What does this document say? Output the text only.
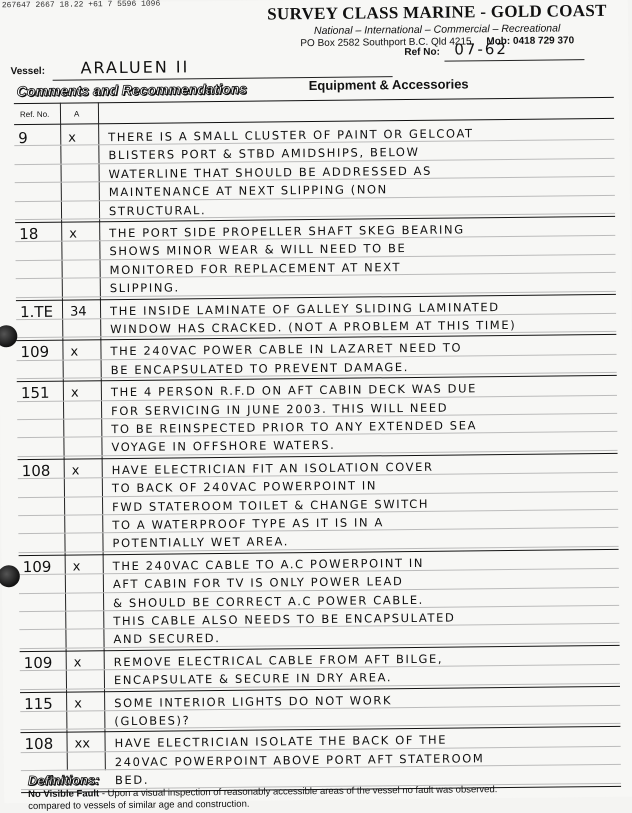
267647 2667 18.22 +61 7 5596 1096	SURVEY CLASS MARINE - GOLD COAST
National – International – Commercial – Recreational
PO Box 2582 Southport B.C. Qld 4215 Mob: 0418 729 370
Ref No: 07-62
Vessel: ARALUEN II
Comments and Recommendations	Equipment & Accessories
Ref. No.	A
9	x	THERE IS A SMALL CLUSTER OF PAINT OR GELCOAT
BLISTERS PORT & STBD AMIDSHIPS, BELOW
WATERLINE THAT SHOULD BE ADDRESSED AS
MAINTENANCE AT NEXT SLIPPING (NON
STRUCTURAL.
18	x	THE PORT SIDE PROPELLER SHAFT SKEG BEARING
SHOWS MINOR WEAR & WILL NEED TO BE
MONITORED FOR REPLACEMENT AT NEXT
SLIPPING.
1.TE	34	THE INSIDE LAMINATE OF GALLEY SLIDING LAMINATED
WINDOW HAS CRACKED. (NOT A PROBLEM AT THIS TIME)
109	x	THE 240VAC POWER CABLE IN LAZARET NEED TO
BE ENCAPSULATED TO PREVENT DAMAGE.
151	x	THE 4 PERSON R.F.D ON AFT CABIN DECK WAS DUE
FOR SERVICING IN JUNE 2003. THIS WILL NEED
TO BE REINSPECTED PRIOR TO ANY EXTENDED SEA
VOYAGE IN OFFSHORE WATERS.
108	x	HAVE ELECTRICIAN FIT AN ISOLATION COVER
TO BACK OF 240VAC POWERPOINT IN
FWD STATEROOM TOILET & CHANGE SWITCH
TO A WATERPROOF TYPE AS IT IS IN A
POTENTIALLY WET AREA.
109	x	THE 240VAC CABLE TO A.C POWERPOINT IN
AFT CABIN FOR TV IS ONLY POWER LEAD
& SHOULD BE CORRECT A.C POWER CABLE.
THIS CABLE ALSO NEEDS TO BE ENCAPSULATED
AND SECURED.
109	x	REMOVE ELECTRICAL CABLE FROM AFT BILGE,
ENCAPSULATE & SECURE IN DRY AREA.
115	x	SOME INTERIOR LIGHTS DO NOT WORK
(GLOBES)?
108	xx	HAVE ELECTRICIAN ISOLATE THE BACK OF THE
240VAC POWERPOINT ABOVE PORT AFT STATEROOM
BED.
Definitions:
No Visible Fault - Upon a visual inspection of reasonably accessible areas of the vessel no fault was observed.
compared to vessels of similar age and construction.
